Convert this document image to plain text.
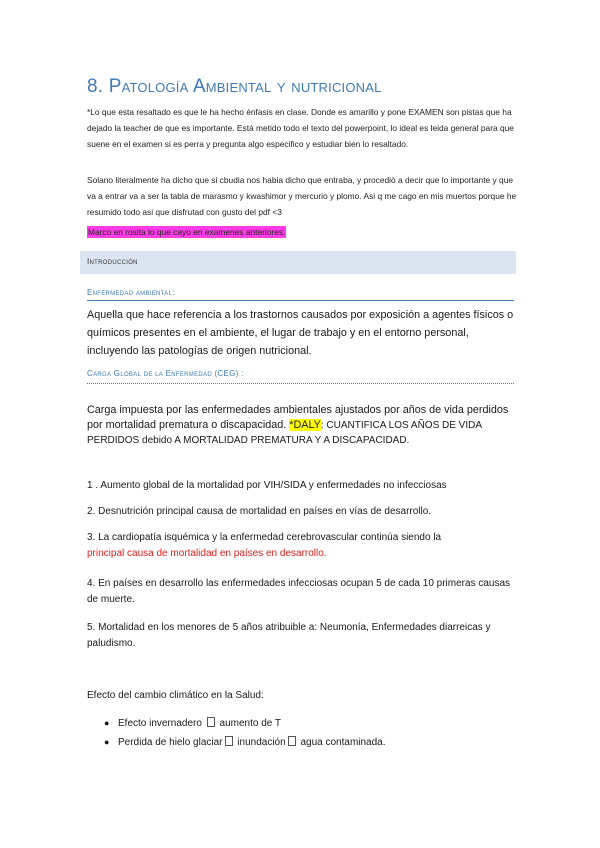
8. Patología Ambiental y nutricional
*Lo que esta resaltado es que le ha hecho énfasis en clase. Donde es amarillo y pone EXAMEN son pistas que ha dejado la teacher de que es importante. Está metido todo el texto del powerpoint, lo ideal es leida general para que suene en el examen si es perra y pregunta algo especifico y estudiar bien lo resaltado.
Solano literalmente ha dicho que si cbudia nos habia dicho que entraba, y procediò a decir que lo importante y que va a entrar va a ser la tabla de marasmo y kwashimor y mercurio y plomo. Asi q me cago en mis muertos porque he resumido todo asi que disfrutad con gusto del pdf <3
Marco en rosita lo que cayo en examenes anteriores.
Introducción
Enfermedad ambiental:
Aquella que hace referencia a los trastornos causados por exposición a agentes físicos o químicos presentes en el ambiente, el lugar de trabajo y en el entorno personal, incluyendo las patologías de origen nutricional.
Carga Global de la Enfermedad (CEG) :
Carga impuesta por las enfermedades ambientales ajustados por años de vida perdidos por mortalidad prematura o discapacidad. *DALY: CUANTIFICA LOS AÑOS DE VIDA PERDIDOS debido A MORTALIDAD PREMATURA Y A DISCAPACIDAD.
1 . Aumento global de la mortalidad por VIH/SIDA y enfermedades no infecciosas
2. Desnutrición principal causa de mortalidad en países en vías de desarrollo.
3. La cardiopatía isquémica y la enfermedad cerebrovascular continúa siendo la
principal causa de mortalidad en países en desarrollo.
4. En países en desarrollo las enfermedades infecciosas ocupan 5 de cada 10 primeras causas de muerte.
5. Mortalidad en los menores de 5 años atribuible a: Neumonía, Enfermedades diarreicas y paludismo.
Efecto del cambio climático en la Salud:
● Efecto invernadero aumento de T
● Perdida de hielo glaciar inundación agua contaminada.
